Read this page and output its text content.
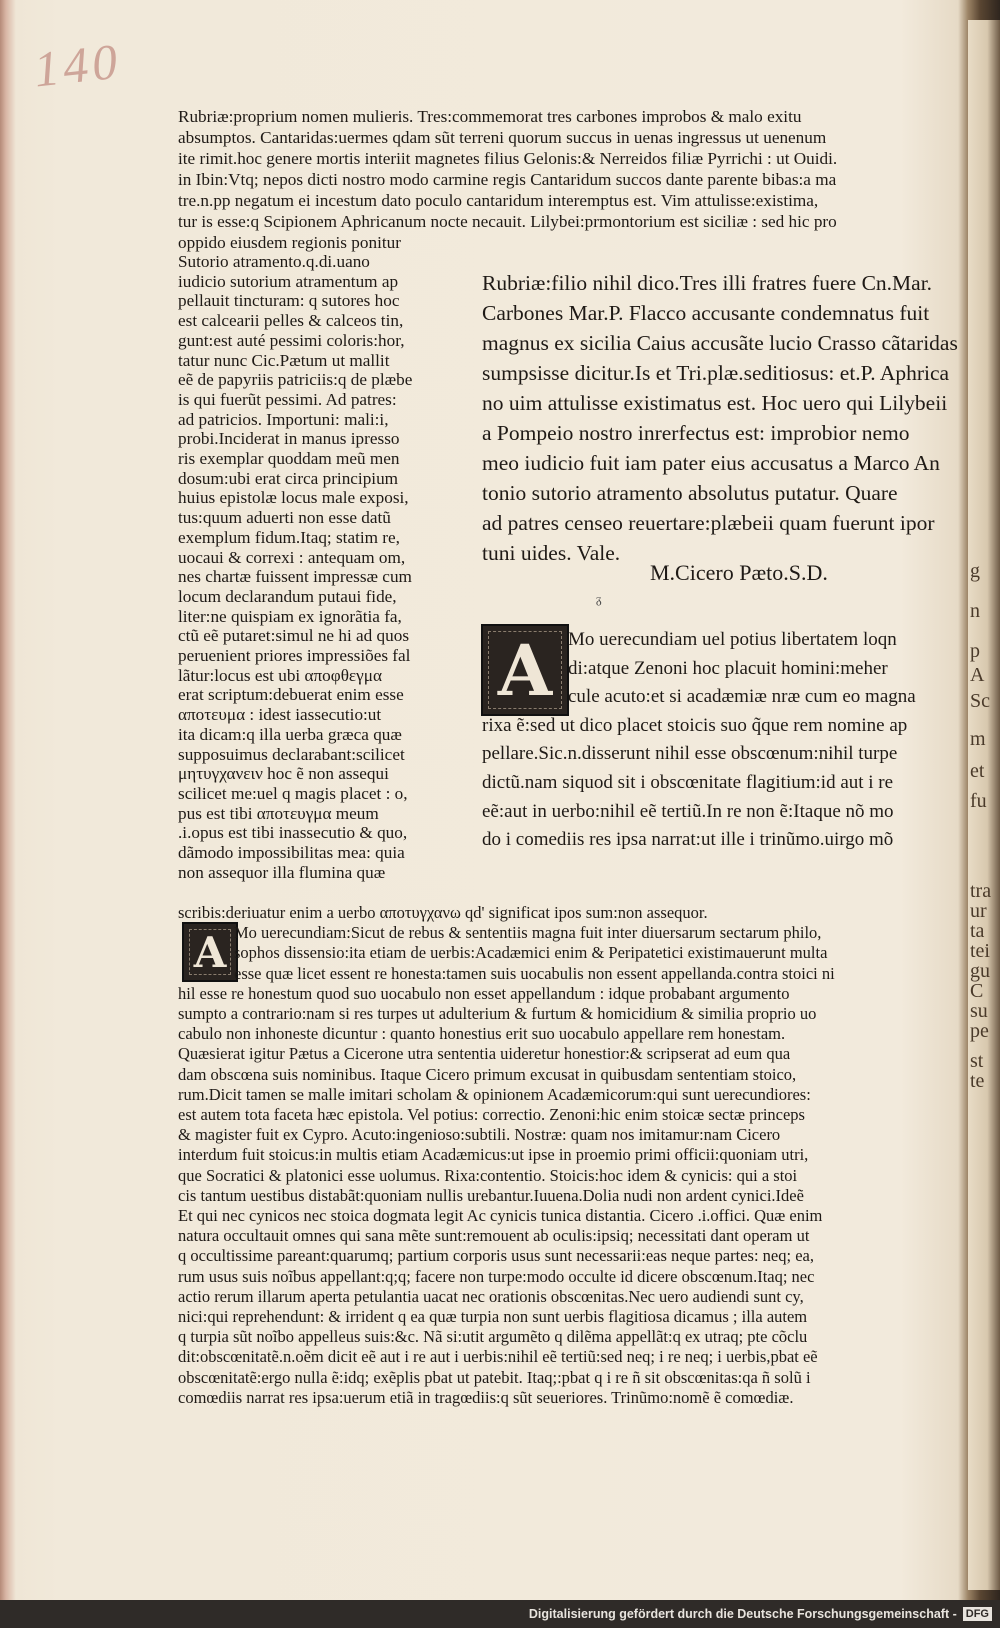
140
Rubriæ:proprium nomen mulieris. Tres:commemorat tres carbones improbos & malo exitu
absumptos. Cantaridas:uermes qdam sũt terreni quorum succus in uenas ingressus ut uenenum
ite rimit.hoc genere mortis interiit magnetes filius Gelonis:& Nerreidos filiæ Pyrrichi : ut Ouidi.
in Ibin:Vtq; nepos dicti nostro modo carmine regis Cantaridum succos dante parente bibas:a ma
tre.n.pp negatum ei incestum dato poculo cantaridum interemptus est. Vim attulisse:existima,
tur is esse:q Scipionem Aphricanum nocte necauit. Lilybei:prmontorium est siciliæ : sed hic pro
oppido eiusdem regionis ponitur
Sutorio atramento.q.di.uano
iudicio sutorium atramentum ap
pellauit tincturam: q sutores hoc
est calcearii pelles & calceos tin,
gunt:est auté pessimi coloris:hor,
tatur nunc Cic.Pætum ut mallit
eẽ de papyriis patriciis:q de plæbe
is qui fuerũt pessimi. Ad patres:
ad patricios. Importuni: mali:i,
probi.Inciderat in manus ipresso
ris exemplar quoddam meũ men
dosum:ubi erat circa principium
huius epistolæ locus male exposi,
tus:quum aduerti non esse datũ
exemplum fidum.Itaq; statim re,
uocaui & correxi : antequam om,
nes chartæ fuissent impressæ cum
locum declarandum putaui fide,
liter:ne quispiam ex ignorãtia fa,
ctũ eẽ putaret:simul ne hi ad quos
peruenient priores impressiões fal
lãtur:locus est ubi αποφθεγμα
erat scriptum:debuerat enim esse
αποτευμα : idest iassecutio:ut
ita dicam:q illa uerba græca quæ
supposuimus declarabant:scilicet
μητυγχανειν hoc ẽ non assequi
scilicet me:uel q magis placet : o,
pus est tibi αποτευγμα meum
.i.opus est tibi inassecutio & quo,
dãmodo impossibilitas mea: quia
non assequor illa flumina quæ
Rubriæ:filio nihil dico.Tres illi fratres fuere Cn.Mar.
Carbones Mar.P. Flacco accusante condemnatus fuit
magnus ex sicilia Caius accusãte lucio Crasso cãtaridas
sumpsisse dicitur.Is et Tri.plæ.seditiosus: et.P. Aphrica
no uim attulisse existimatus est. Hoc uero qui Lilybeii
a Pompeio nostro inrerfectus est: improbior nemo
meo iudicio fuit iam pater eius accusatus a Marco An
tonio sutorio atramento absolutus putatur. Quare
ad patres censeo reuertare:plæbeii quam fuerunt ipor
tuni uides. Vale.
M.Cicero Pæto.S.D.
ᵹ
A Mo uerecundiam uel potius libertatem loqn
di:atque Zenoni hoc placuit homini:meher
cule acuto:et si acadæmiæ nræ cum eo magna
rixa ẽ:sed ut dico placet stoicis suo q̃que rem nomine ap
pellare.Sic.n.disserunt nihil esse obscœnum:nihil turpe
dictũ.nam siquod sit i obscœnitate flagitium:id aut i re
eẽ:aut in uerbo:nihil eẽ tertiũ.In re non ẽ:Itaque nõ mo
do i comediis res ipsa narrat:ut ille i trinũmo.uirgo mõ
A
scribis:deriuatur enim a uerbo αποτυγχανω qd' significat ipos sum:non assequor.
Mo uerecundiam:Sicut de rebus & sententiis magna fuit inter diuersarum sectarum philo,
sophos dissensio:ita etiam de uerbis:Acadæmici enim & Peripatetici existimauerunt multa
esse quæ licet essent re honesta:tamen suis uocabulis non essent appellanda.contra stoici ni
hil esse re honestum quod suo uocabulo non esset appellandum : idque probabant argumento
sumpto a contrario:nam si res turpes ut adulterium & furtum & homicidium & similia proprio uo
cabulo non inhoneste dicuntur : quanto honestius erit suo uocabulo appellare rem honestam.
Quæsierat igitur Pætus a Cicerone utra sententia uideretur honestior:& scripserat ad eum qua
dam obscœna suis nominibus. Itaque Cicero primum excusat in quibusdam sententiam stoico,
rum.Dicit tamen se malle imitari scholam & opinionem Acadæmicorum:qui sunt uerecundiores:
est autem tota faceta hæc epistola. Vel potius: correctio. Zenoni:hic enim stoicæ sectæ princeps
& magister fuit ex Cypro. Acuto:ingenioso:subtili. Nostræ: quam nos imitamur:nam Cicero
interdum fuit stoicus:in multis etiam Acadæmicus:ut ipse in proemio primi officii:quoniam utri,
que Socratici & platonici esse uolumus. Rixa:contentio. Stoicis:hoc idem & cynicis: qui a stoi
cis tantum uestibus distabãt:quoniam nullis urebantur.Iuuena.Dolia nudi non ardent cynici.Ideẽ
Et qui nec cynicos nec stoica dogmata legit Ac cynicis tunica distantia. Cicero .i.offici. Quæ enim
natura occultauit omnes qui sana mẽte sunt:remouent ab oculis:ipsiq; necessitati dant operam ut
q occultissime pareant:quarumq; partium corporis usus sunt necessarii:eas neque partes: neq; ea,
rum usus suis noĩbus appellant:q;q; facere non turpe:modo occulte id dicere obscœnum.Itaq; nec
actio rerum illarum aperta petulantia uacat nec orationis obscœnitas.Nec uero audiendi sunt cy,
nici:qui reprehendunt: & irrident q ea quæ turpia non sunt uerbis flagitiosa dicamus ; illa autem
q turpia sũt noĩbo appelleus suis:&c. Nã si:utit argumẽto q dilẽma appellãt:q ex utraq; pte cõclu
dit:obscœnitatẽ.n.oẽm dicit eẽ aut i re aut i uerbis:nihil eẽ tertiũ:sed neq; i re neq; i uerbis,pbat eẽ
obscœnitatẽ:ergo nulla ẽ:idq; exẽplis pbat ut patebit. Itaq;:pbat q i re ñ sit obscœnitas:qa ñ solũ i
comœdiis narrat res ipsa:uerum etiã in tragœdiis:q sũt seueriores. Trinũmo:nomẽ ẽ comœdiæ.
g
n
p
A
Sc
m
et
fu
tra
ur
ta
tei
gu
C
su
pe
st
te
Digitalisierung gefördert durch die Deutsche Forschungsgemeinschaft - DFG
